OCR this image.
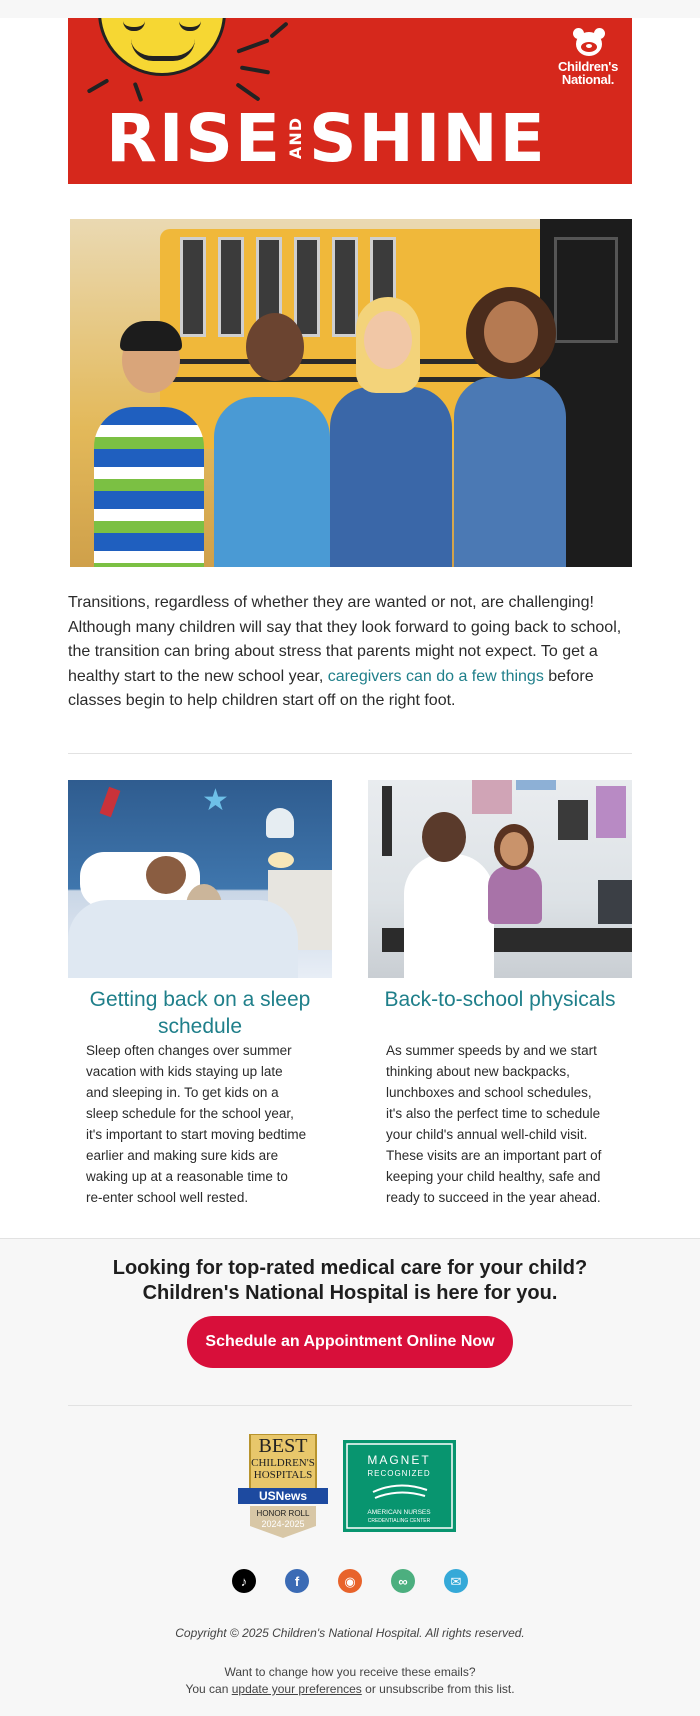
RISE AND SHINE
Children's
National.

Transitions, regardless of whether they are wanted or not, are challenging! Although many children will say that they look forward to going back to school, the transition can bring about stress that parents might not expect. To get a healthy start to the new school year, caregivers can do a few things before classes begin to help children start off on the right foot.

★
Getting back on a sleep schedule
Back-to-school physicals

Sleep often changes over summer vacation with kids staying up late and sleeping in. To get kids on a sleep schedule for the school year, it's important to start moving bedtime earlier and making sure kids are waking up at a reasonable time to re-enter school well rested.

As summer speeds by and we start thinking about new backpacks, lunchboxes and school schedules, it's also the perfect time to schedule your child's annual well-child visit. These visits are an important part of keeping your child healthy, safe and ready to succeed in the year ahead.

Looking for top-rated medical care for your child?
Children's National Hospital is here for you.
Schedule an Appointment Online Now
BEST
CHILDREN'S
HOSPITALS
USNews
HONOR ROLL
2024-2025
MAGNET
RECOGNIZED
AMERICAN NURSES
CREDENTIALING CENTER
♪	f	◉	∞	✉
Copyright © 2025 Children's National Hospital. All rights reserved.
Want to change how you receive these emails?
You can update your preferences or unsubscribe from this list.
